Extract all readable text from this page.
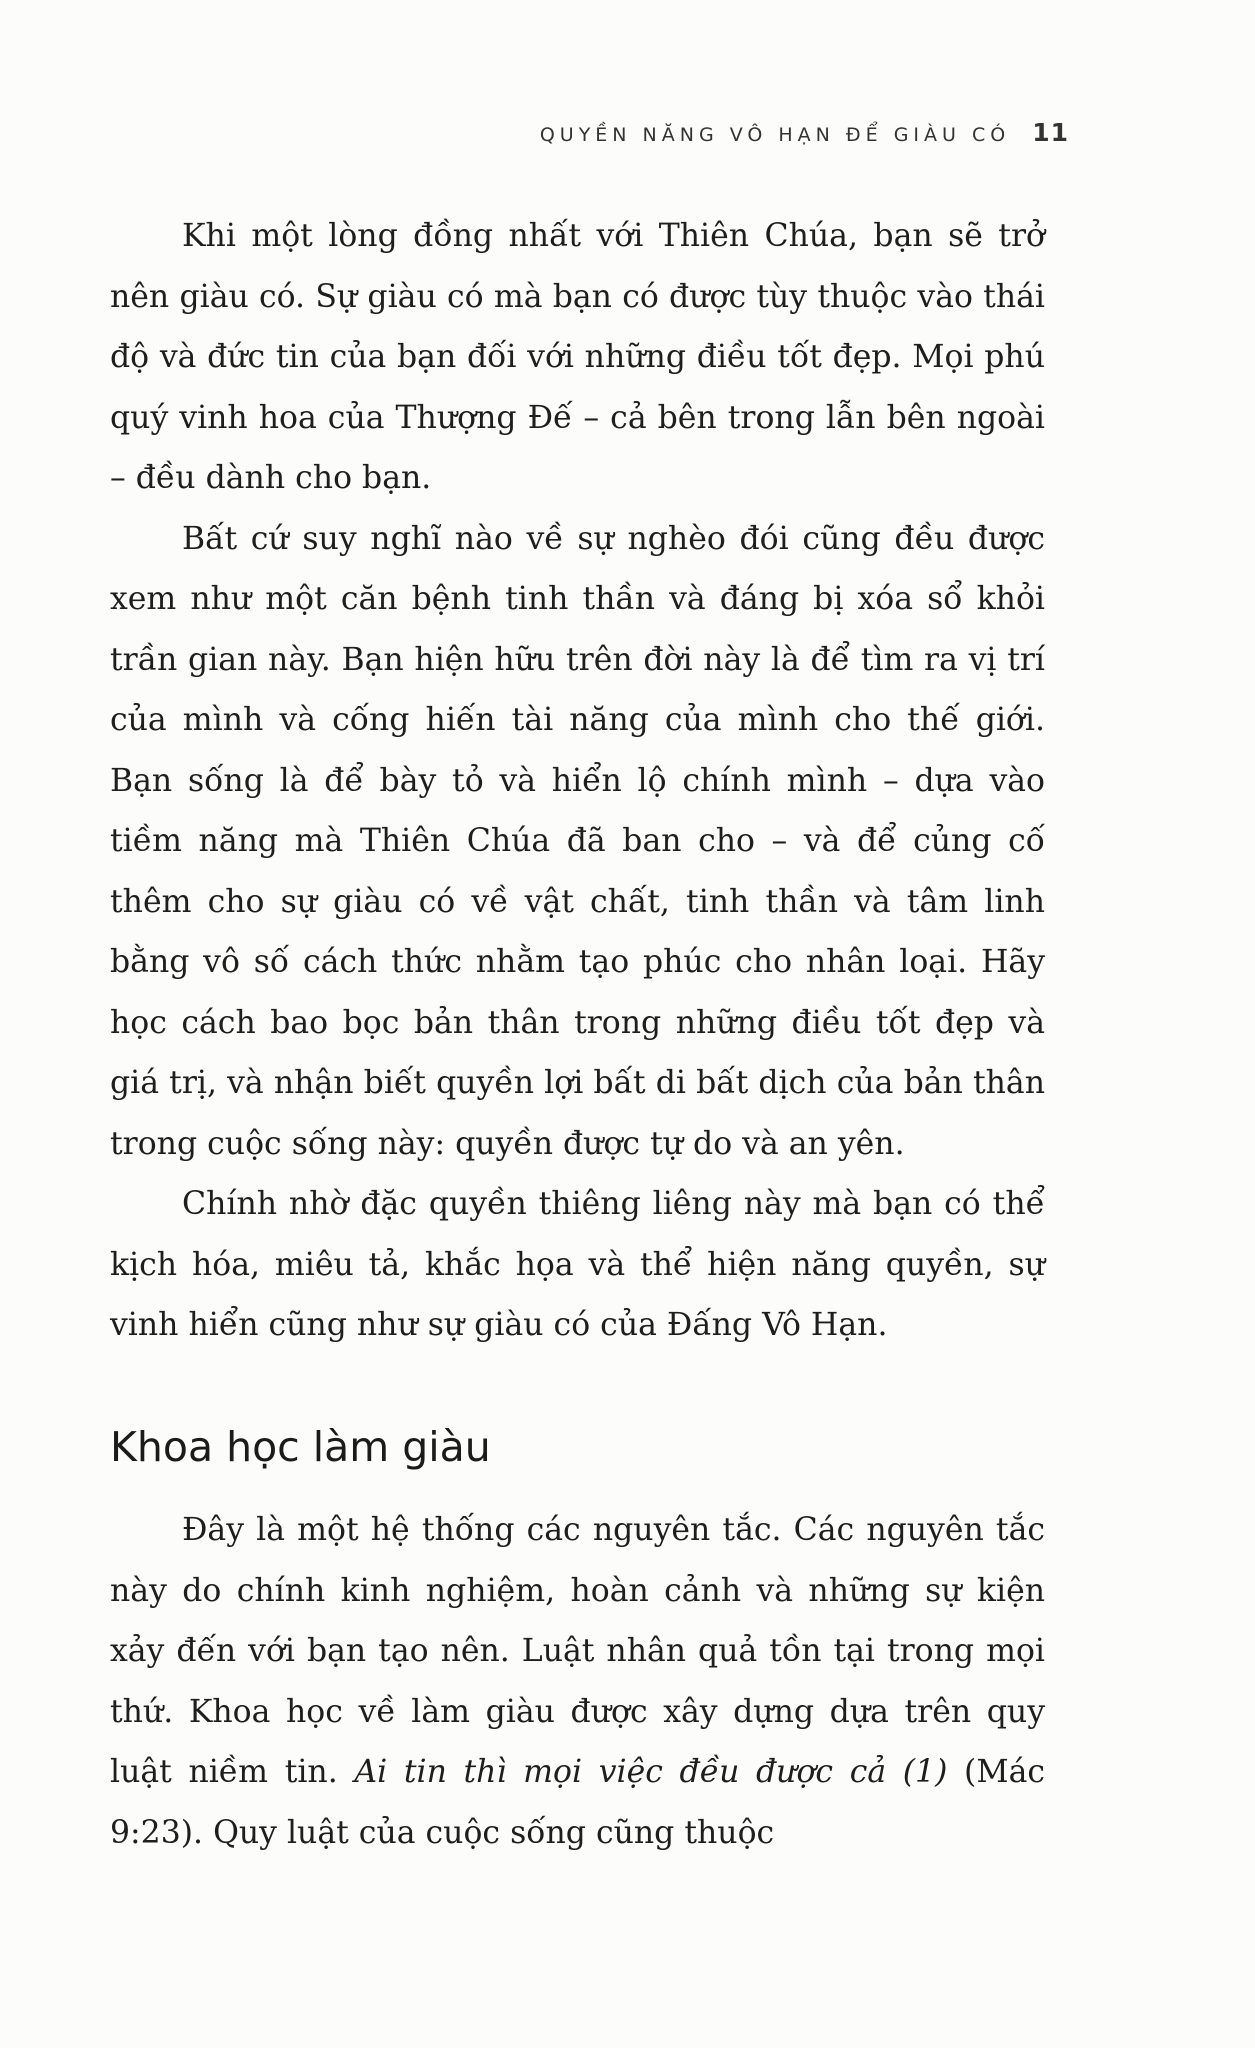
QUYỀN NĂNG VÔ HẠN ĐỂ GIÀU CÓ 11

Khi một lòng đồng nhất với Thiên Chúa, bạn sẽ trở nên giàu có. Sự giàu có mà bạn có được tùy thuộc vào thái độ và đức tin của bạn đối với những điều tốt đẹp. Mọi phú quý vinh hoa của Thượng Đế – cả bên trong lẫn bên ngoài – đều dành cho bạn.

Bất cứ suy nghĩ nào về sự nghèo đói cũng đều được xem như một căn bệnh tinh thần và đáng bị xóa sổ khỏi trần gian này. Bạn hiện hữu trên đời này là để tìm ra vị trí của mình và cống hiến tài năng của mình cho thế giới. Bạn sống là để bày tỏ và hiển lộ chính mình – dựa vào tiềm năng mà Thiên Chúa đã ban cho – và để củng cố thêm cho sự giàu có về vật chất, tinh thần và tâm linh bằng vô số cách thức nhằm tạo phúc cho nhân loại. Hãy học cách bao bọc bản thân trong những điều tốt đẹp và giá trị, và nhận biết quyền lợi bất di bất dịch của bản thân trong cuộc sống này: quyền được tự do và an yên.

Chính nhờ đặc quyền thiêng liêng này mà bạn có thể kịch hóa, miêu tả, khắc họa và thể hiện năng quyền, sự vinh hiển cũng như sự giàu có của Đấng Vô Hạn.

Khoa học làm giàu

Đây là một hệ thống các nguyên tắc. Các nguyên tắc này do chính kinh nghiệm, hoàn cảnh và những sự kiện xảy đến với bạn tạo nên. Luật nhân quả tồn tại trong mọi thứ. Khoa học về làm giàu được xây dựng dựa trên quy luật niềm tin. Ai tin thì mọi việc đều được cả (1) (Mác 9:23). Quy luật của cuộc sống cũng thuộc
